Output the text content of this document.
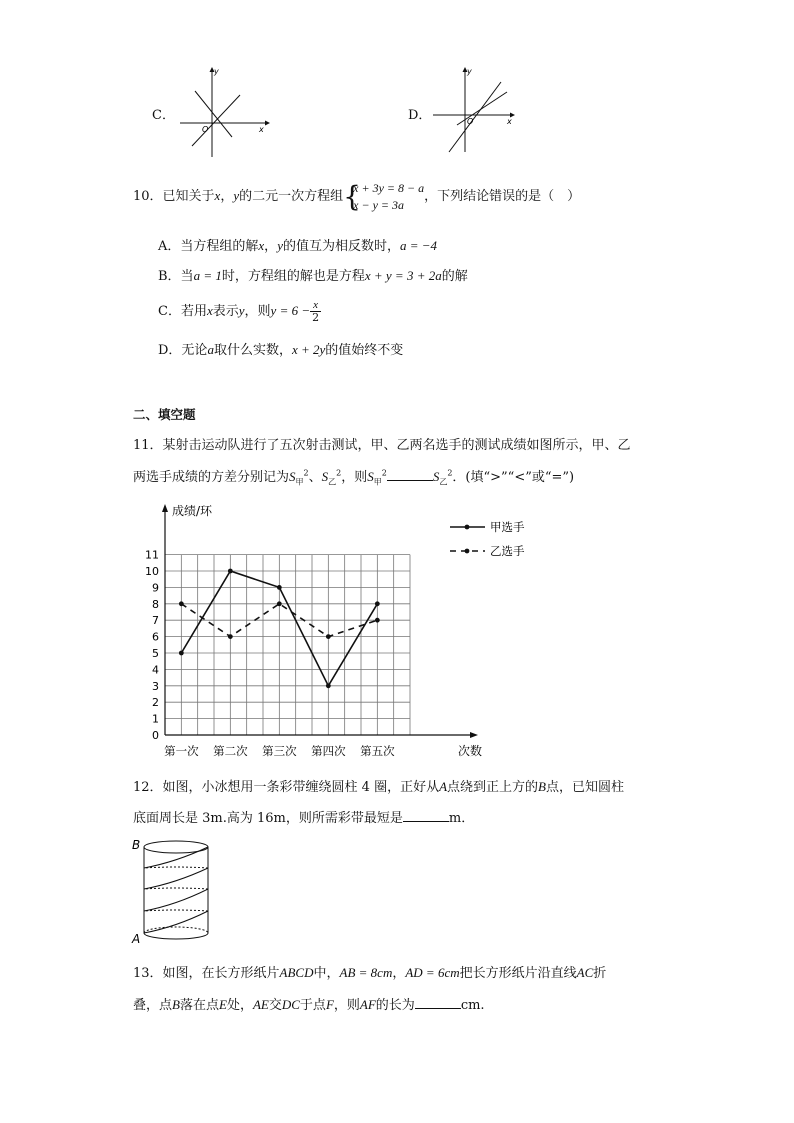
C．
y
x
O
D．
y
x
O
10．已知关于x，y的二元一次方程组 {
x + 3y = 8 − a
x − y = 3a
，下列结论错误的是（　）
A．当方程组的解x，y的值互为相反数时，a = −4
B．当a = 1时，方程组的解也是方程x + y = 3 + 2a的解
C．若用x表示y，则$y = 6 - \frac{x}{2}$
D．无论a取什么实数，x + 2y的值始终不变
二、填空题
11．某射击运动队进行了五次射击测试，甲、乙两名选手的测试成绩如图所示，甲、乙
两选手成绩的方差分别记为$S_甲^2$、$S_乙^2$，则$S_甲^2$	$S_乙^2$．(填“>”“<”或“=”)
0
1
2
3
4
5
6
7
8
9
10
11
第一次 第二次 第三次 第四次 第五次
甲选手
乙选手
成绩/环
次数
12．如图，小冰想用一条彩带缠绕圆柱 4 圈，正好从A点绕到正上方的B点，已知圆柱
底面周长是 3m.高为 16m，则所需彩带最短是	m．
B
A
13．如图，在长方形纸片ABCD中，AB = 8cm，AD = 6cm把长方形纸片沿直线AC折
叠，点B落在点E处，AE交DC于点F，则AF的长为	cm.
